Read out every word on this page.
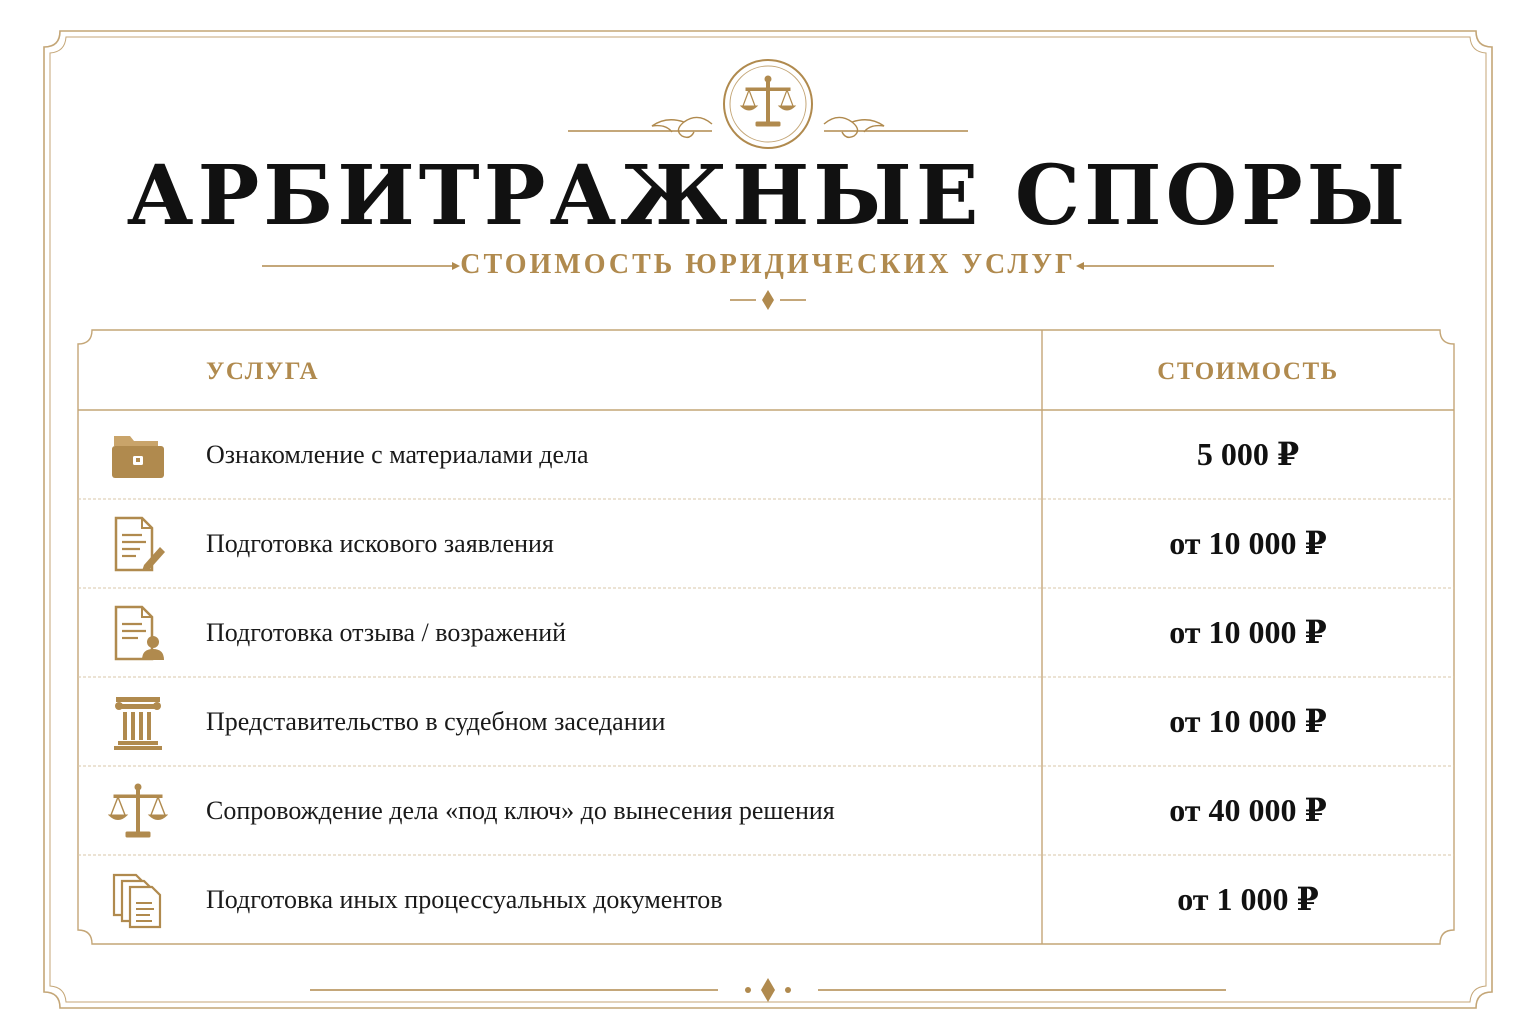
АРБИТРАЖНЫЕ СПОРЫ
СТОИМОСТЬ ЮРИДИЧЕСКИХ УСЛУГ
УСЛУГА	СТОИМОСТЬ
Ознакомление с материалами дела	5 000 ₽
Подготовка искового заявления	от 10 000 ₽
Подготовка отзыва / возражений	от 10 000 ₽
Представительство в судебном заседании	от 10 000 ₽
Сопровождение дела «под ключ» до вынесения решения	от 40 000 ₽
Подготовка иных процессуальных документов	от 1 000 ₽
